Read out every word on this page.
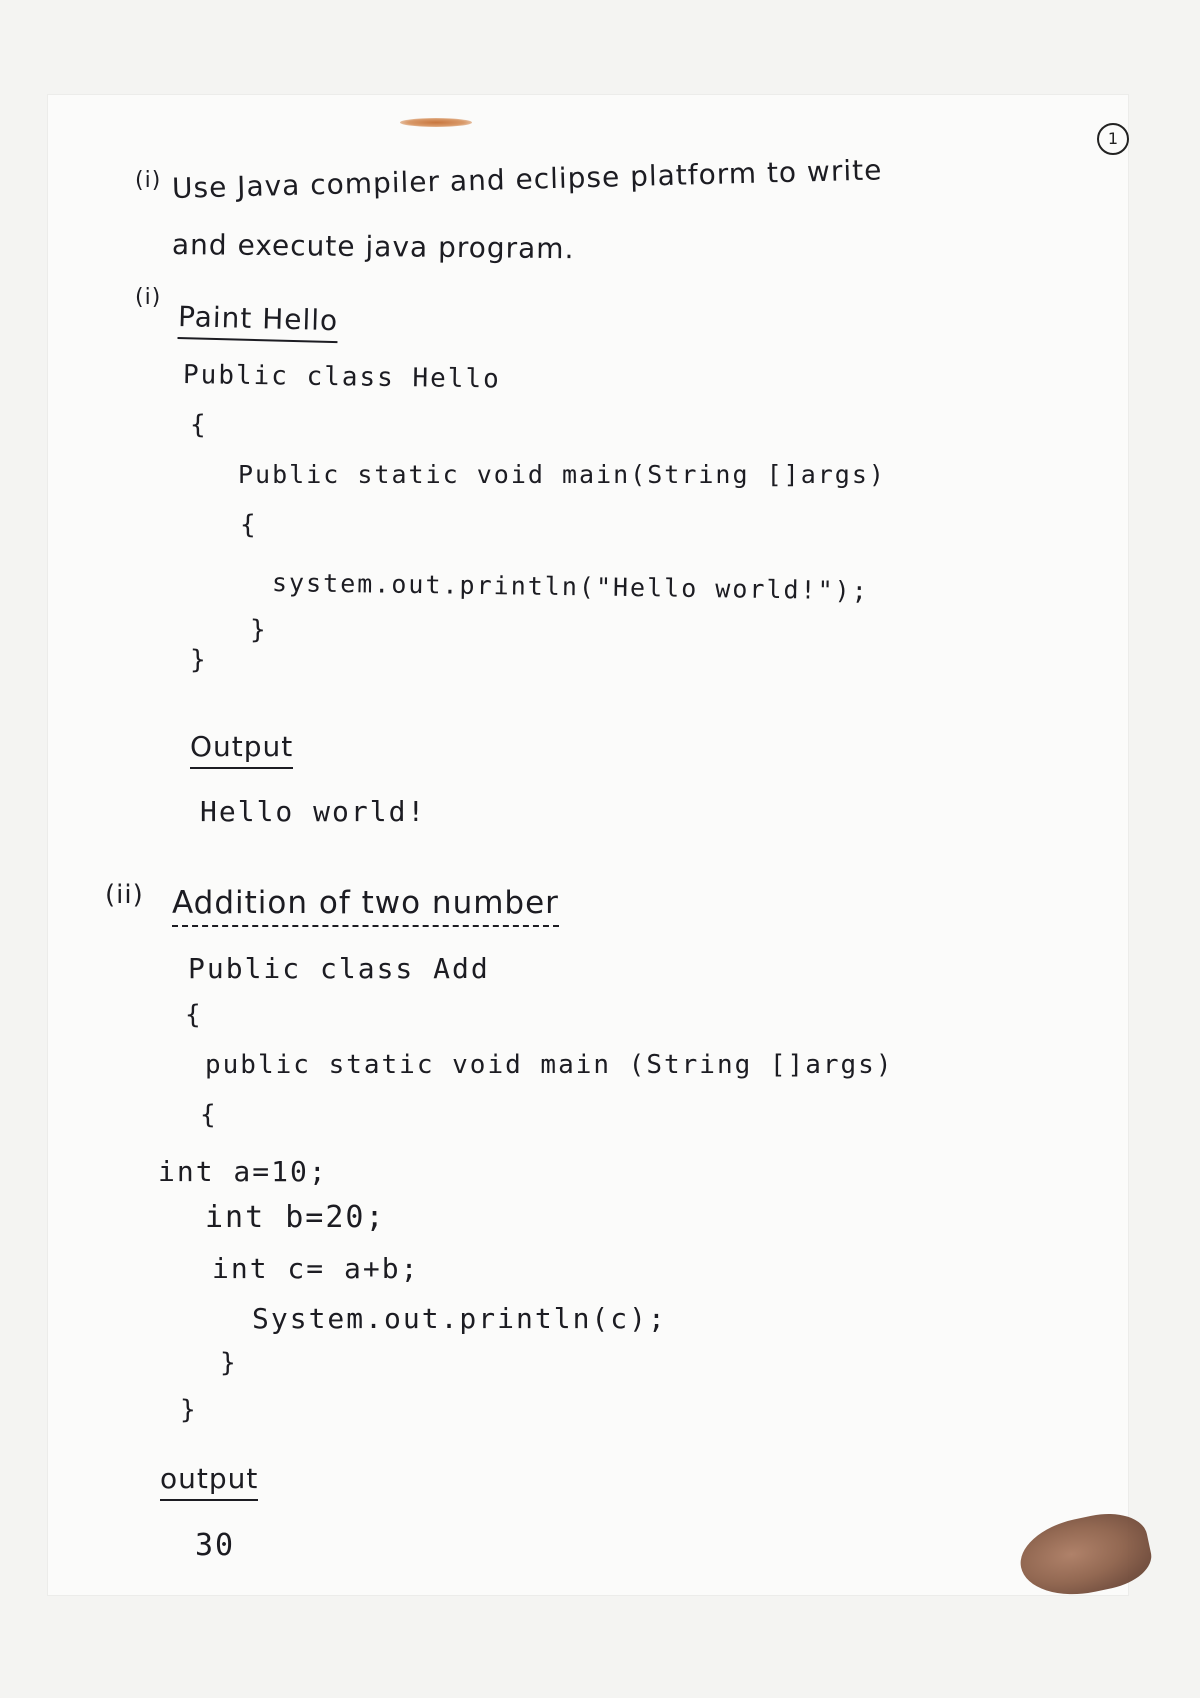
1
(i) Use Java compiler and eclipse platform to write
and execute java program.
(i)
Paint Hello
Public class Hello
{
Public static void main(String []args)
{
system.out.println("Hello world!");
}
}
Output
Hello world!
(ii) Addition of two number
Public class Add
{
public static void main (String []args)
{
int a=10;
int b=20;
int c= a+b;
System.out.println(c);
}
}
output
30
